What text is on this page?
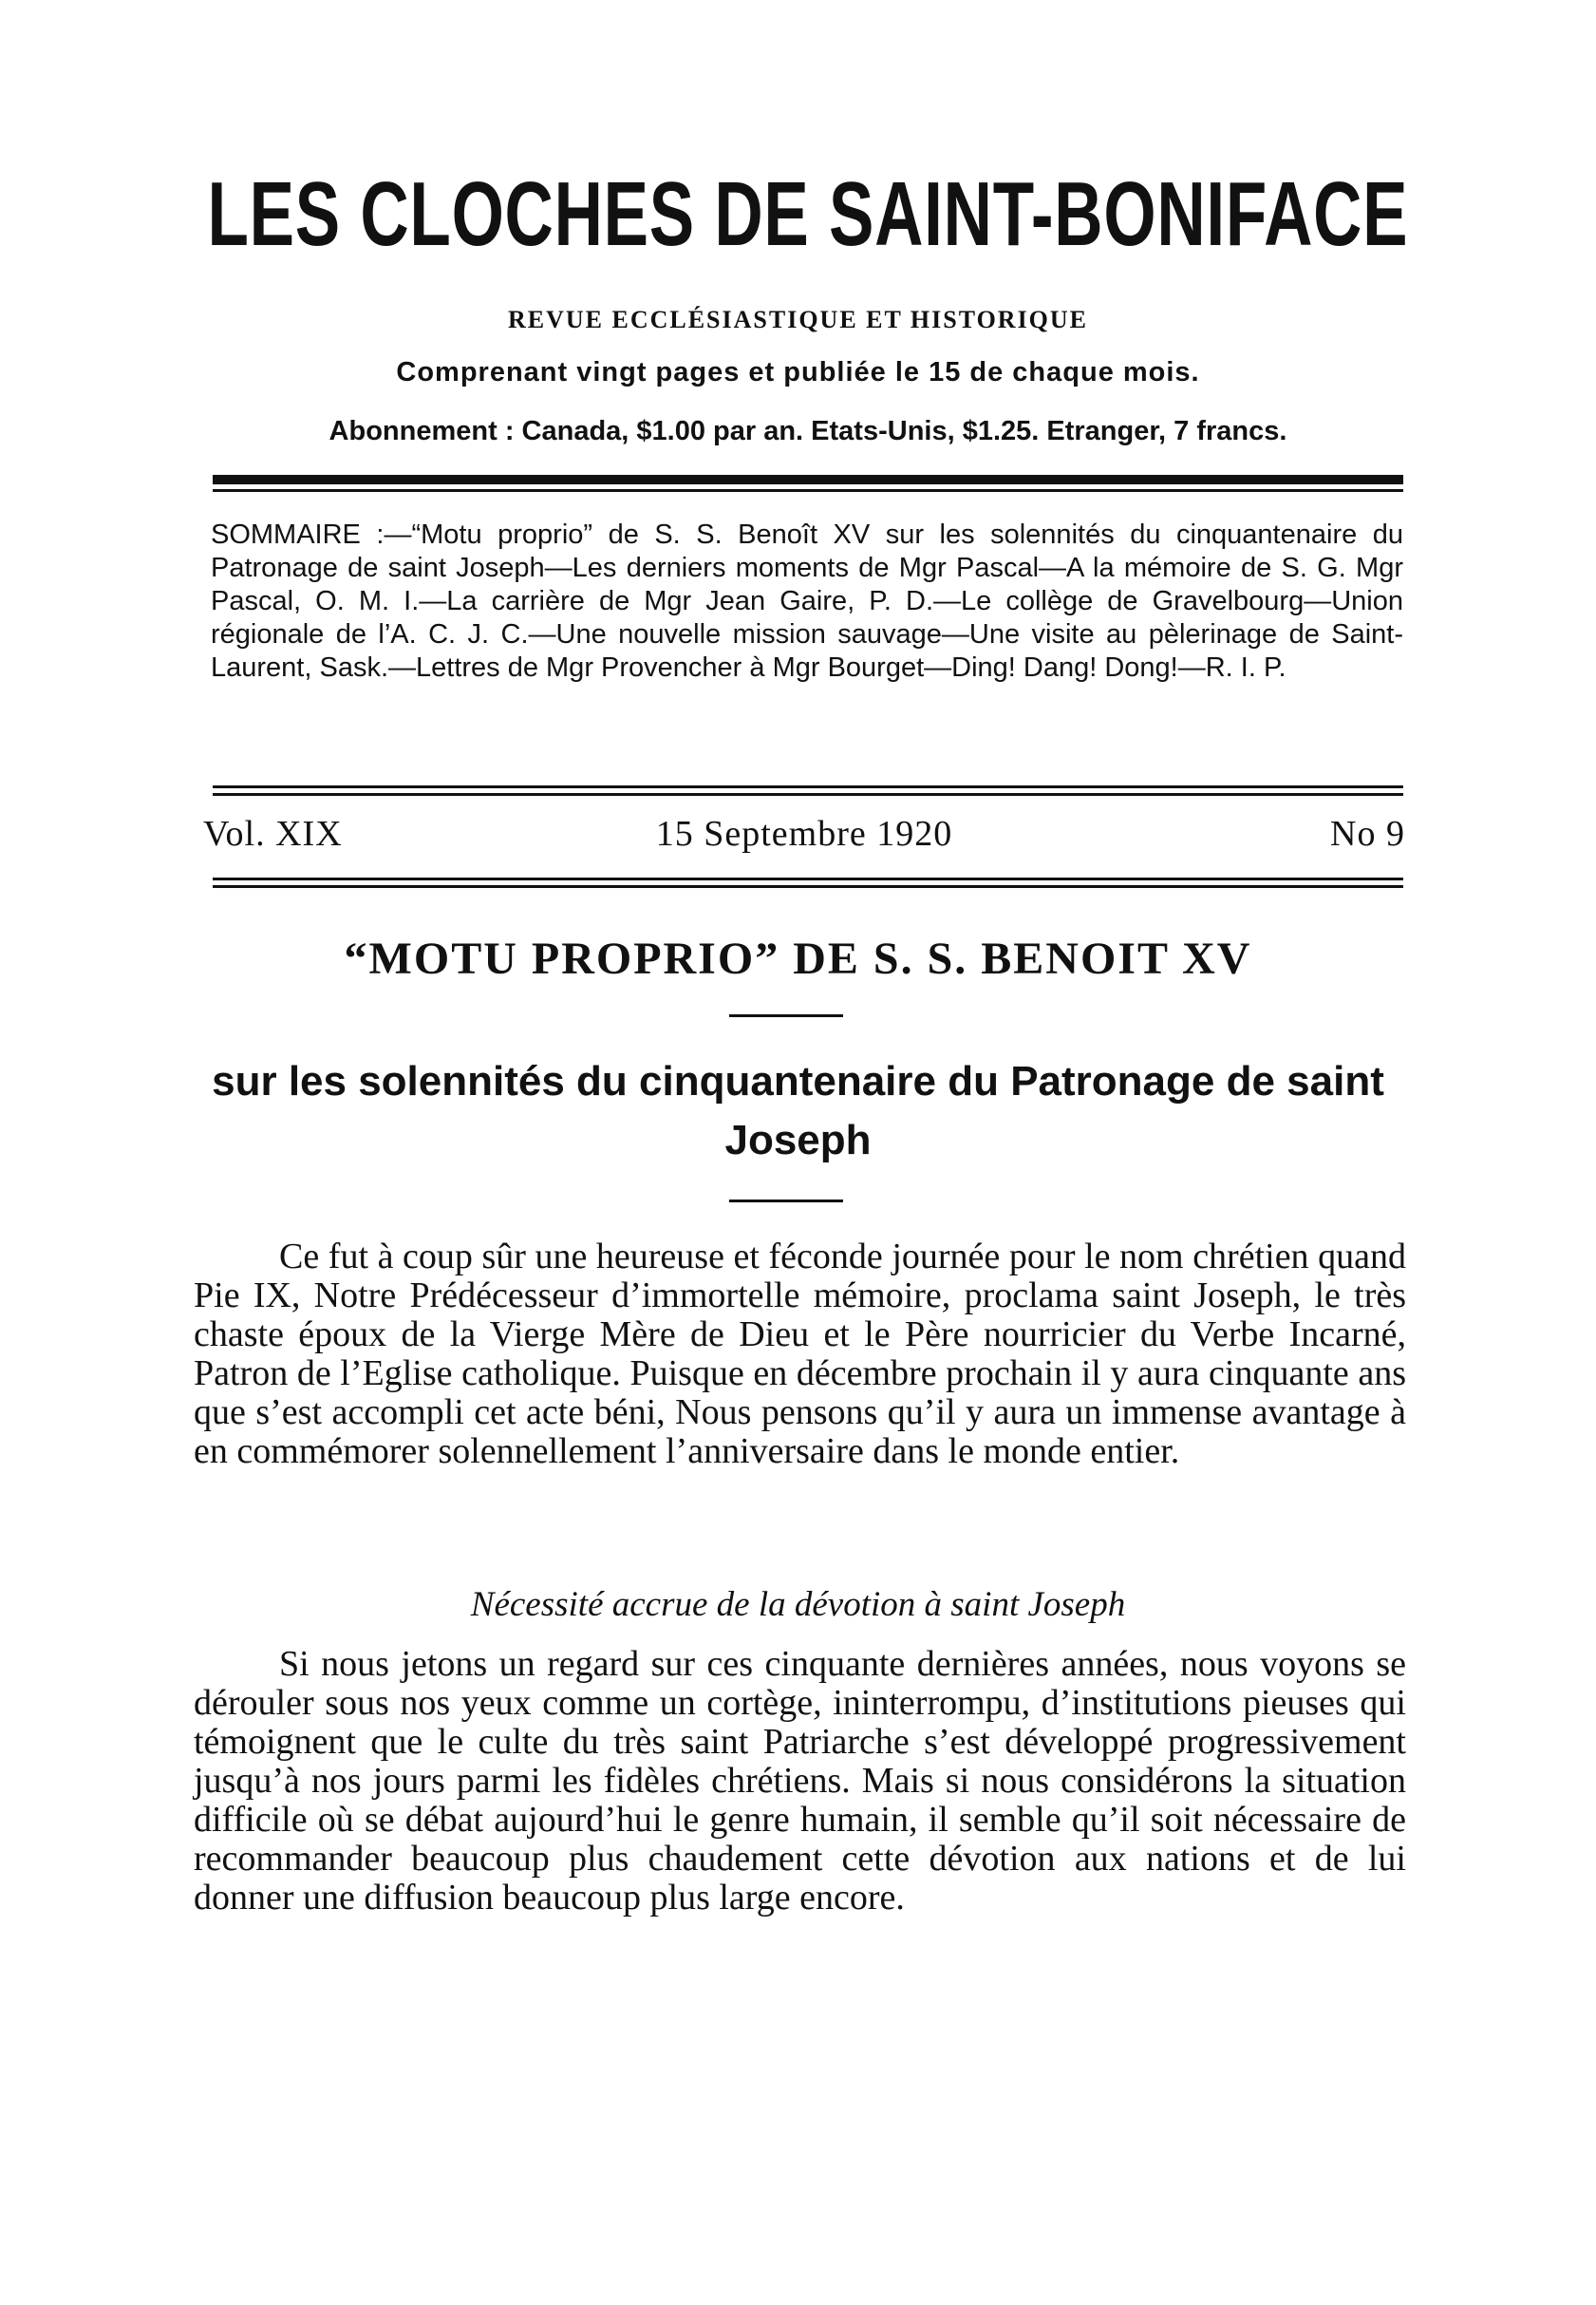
LES CLOCHES DE SAINT-BONIFACE
REVUE ECCLÉSIASTIQUE ET HISTORIQUE
Comprenant vingt pages et publiée le 15 de chaque mois.
Abonnement : Canada, $1.00 par an. Etats-Unis, $1.25. Etranger, 7 francs.
SOMMAIRE :—“Motu proprio” de S. S. Benoît XV sur les solennités du cinquantenaire du Patronage de saint Joseph—Les derniers moments de Mgr Pascal—A la mémoire de S. G. Mgr Pascal, O. M. I.—La carrière de Mgr Jean Gaire, P. D.—Le collège de Gravelbourg—Union régionale de l’A. C. J. C.—Une nouvelle mission sauvage—Une visite au pèlerinage de Saint-Laurent, Sask.—Lettres de Mgr Provencher à Mgr Bourget—Ding! Dang! Dong!—R. I. P.
Vol. XIX	15 Septembre 1920	No 9
“MOTU PROPRIO” DE S. S. BENOIT XV
sur les solennités du cinquantenaire du Patronage de saint Joseph
Ce fut à coup sûr une heureuse et féconde journée pour le nom chrétien quand Pie IX, Notre Prédécesseur d’immortelle mémoire, proclama saint Joseph, le très chaste époux de la Vierge Mère de Dieu et le Père nourricier du Verbe Incarné, Patron de l’Eglise catholique. Puisque en décembre prochain il y aura cinquante ans que s’est accompli cet acte béni, Nous pensons qu’il y aura un immense avantage à en commémorer solennellement l’anniversaire dans le monde entier.
Nécessité accrue de la dévotion à saint Joseph
Si nous jetons un regard sur ces cinquante dernières années, nous voyons se dérouler sous nos yeux comme un cortège, ininterrompu, d’institutions pieuses qui témoignent que le culte du très saint Patriarche s’est développé progressivement jusqu’à nos jours parmi les fidèles chrétiens. Mais si nous considérons la situation difficile où se débat aujourd’hui le genre humain, il semble qu’il soit nécessaire de recommander beaucoup plus chaudement cette dévotion aux nations et de lui donner une diffusion beaucoup plus large encore.
